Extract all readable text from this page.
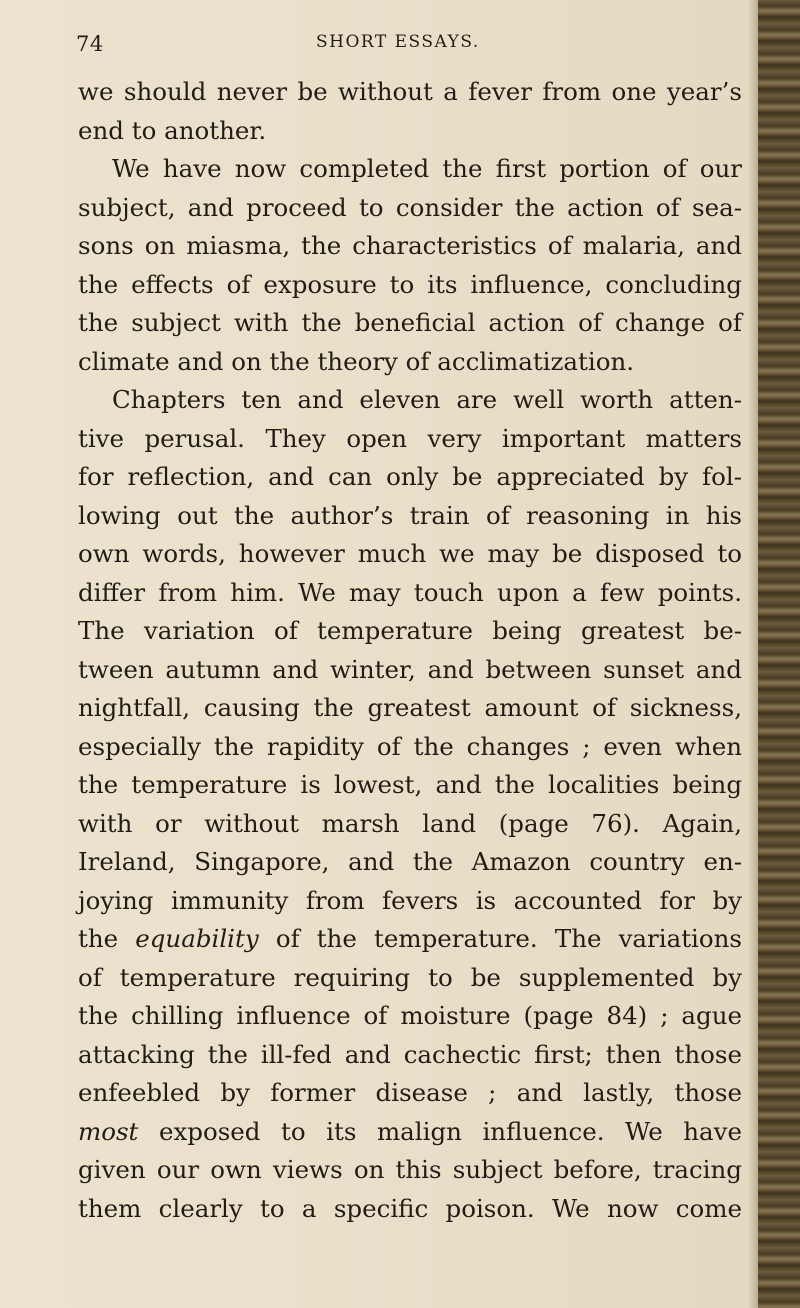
74	SHORT ESSAYS.
we should never be without a fever from one year’s
end to another.
We have now completed the first portion of our
subject, and proceed to consider the action of sea-
sons on miasma, the characteristics of malaria, and
the effects of exposure to its influence, concluding
the subject with the beneficial action of change of
climate and on the theory of acclimatization.
Chapters ten and eleven are well worth atten-
tive perusal. They open very important matters
for reflection, and can only be appreciated by fol-
lowing out the author’s train of reasoning in his
own words, however much we may be disposed to
differ from him. We may touch upon a few points.
The variation of temperature being greatest be-
tween autumn and winter, and between sunset and
nightfall, causing the greatest amount of sickness,
especially the rapidity of the changes ; even when
the temperature is lowest, and the localities being
with or without marsh land (page 76). Again,
Ireland, Singapore, and the Amazon country en-
joying immunity from fevers is accounted for by
the equability of the temperature. The variations
of temperature requiring to be supplemented by
the chilling influence of moisture (page 84) ; ague
attacking the ill-fed and cachectic first; then those
enfeebled by former disease ; and lastly, those
most exposed to its malign influence. We have
given our own views on this subject before, tracing
them clearly to a specific poison. We now come
